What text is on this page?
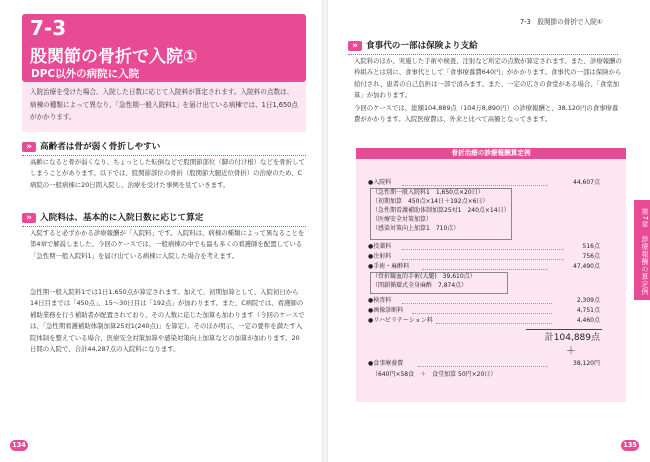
7-3
股関節の骨折で入院①
DPC以外の病院に入院

入院治療を受けた場合、入院した日数に応じて入院料が算定されます。入院料の点数は、病棟の種類によって異なり、「急性期一般入院料1」を届け出ている病棟では、1日1,650点がかかります。

» 高齢者は骨が弱く骨折しやすい

高齢になると骨が弱くなり、ちょっとした転倒などで股関節部位（脚の付け根）などを骨折してしまうことがあります。以下では、股関節部位の骨折（股関節大腿近位骨折）の治療のため、C病院の一般病棟に20日間入院し、治療を受けた事例を見ていきます。

» 入院料は、基本的に入院日数に応じて算定

入院すると必ずかかる診療報酬が「入院料」です。入院料は、病棟の種類によって異なることを第4章で解説しました。今回のケースでは、一般病棟の中でも最も多くの看護師を配置している「急性期一般入院料1」を届け出ている病棟に入院した場合を考えます。

急性期一般入院料1では1日1,650点が算定されます。加えて、初期加算として、入院初日から14日目までは「450点」、15～30日目は「192点」が加わります。また、C病院では、看護師の補助業務を行う補助者が配置されており、その人数に応じた加算も加わります（今回のケースでは、「急性期看護補助体制加算25対1(240点)」を算定）。そのほか明示、一定の要件を満たす入院体制を整えている場合、医療安全対策加算や感染対策向上加算などの加算が加わります。20日間の入院で、合計44,287点の入院料になります。

134
7-3　股関節の骨折で入院①
» 食事代の一部は保険より支給

入院料のほか、実施した手術や検査、注射など所定の点数が算定されます。また、診療報酬の枠組みとは別に、食事代として「食事療養費640円」がかかります。食事代の一部は保険から給付され、患者の自己負担は一部で済みます。また、一定の広さの食堂がある場合、「食堂加算」が加わります。

今回のケースでは、総額104,889点（104万8,890円）の診療報酬と、38,120円の食事療養費がかかります。入院医療費は、外来と比べて高額となってきます。

骨折治療の診療報酬算定例
●入院料	44,607点
（急性期一般入院料1　1,650点×20日）
（初期加算　450点×14日＋192点×6日）
（急性期看護補助体制加算25対1　240点×14日）
（医療安全対策加算）
（感染対策向上加算1　710点）
●投薬料	516点
●注射料	756点
●手術・麻酔料	47,490点
（骨折観血的手術(大腿)　39,610点）
（閉鎖循環式全身麻酔　7,874点）
●検査料	2,309点
●画像診断料	4,751点
●リハビリテーション料	4,460点
計104,889点
＋
●食事療養費	38,120円
（640円×58食　＋　食堂加算 50円×20日）
第7章　診療報酬の算定例
135
